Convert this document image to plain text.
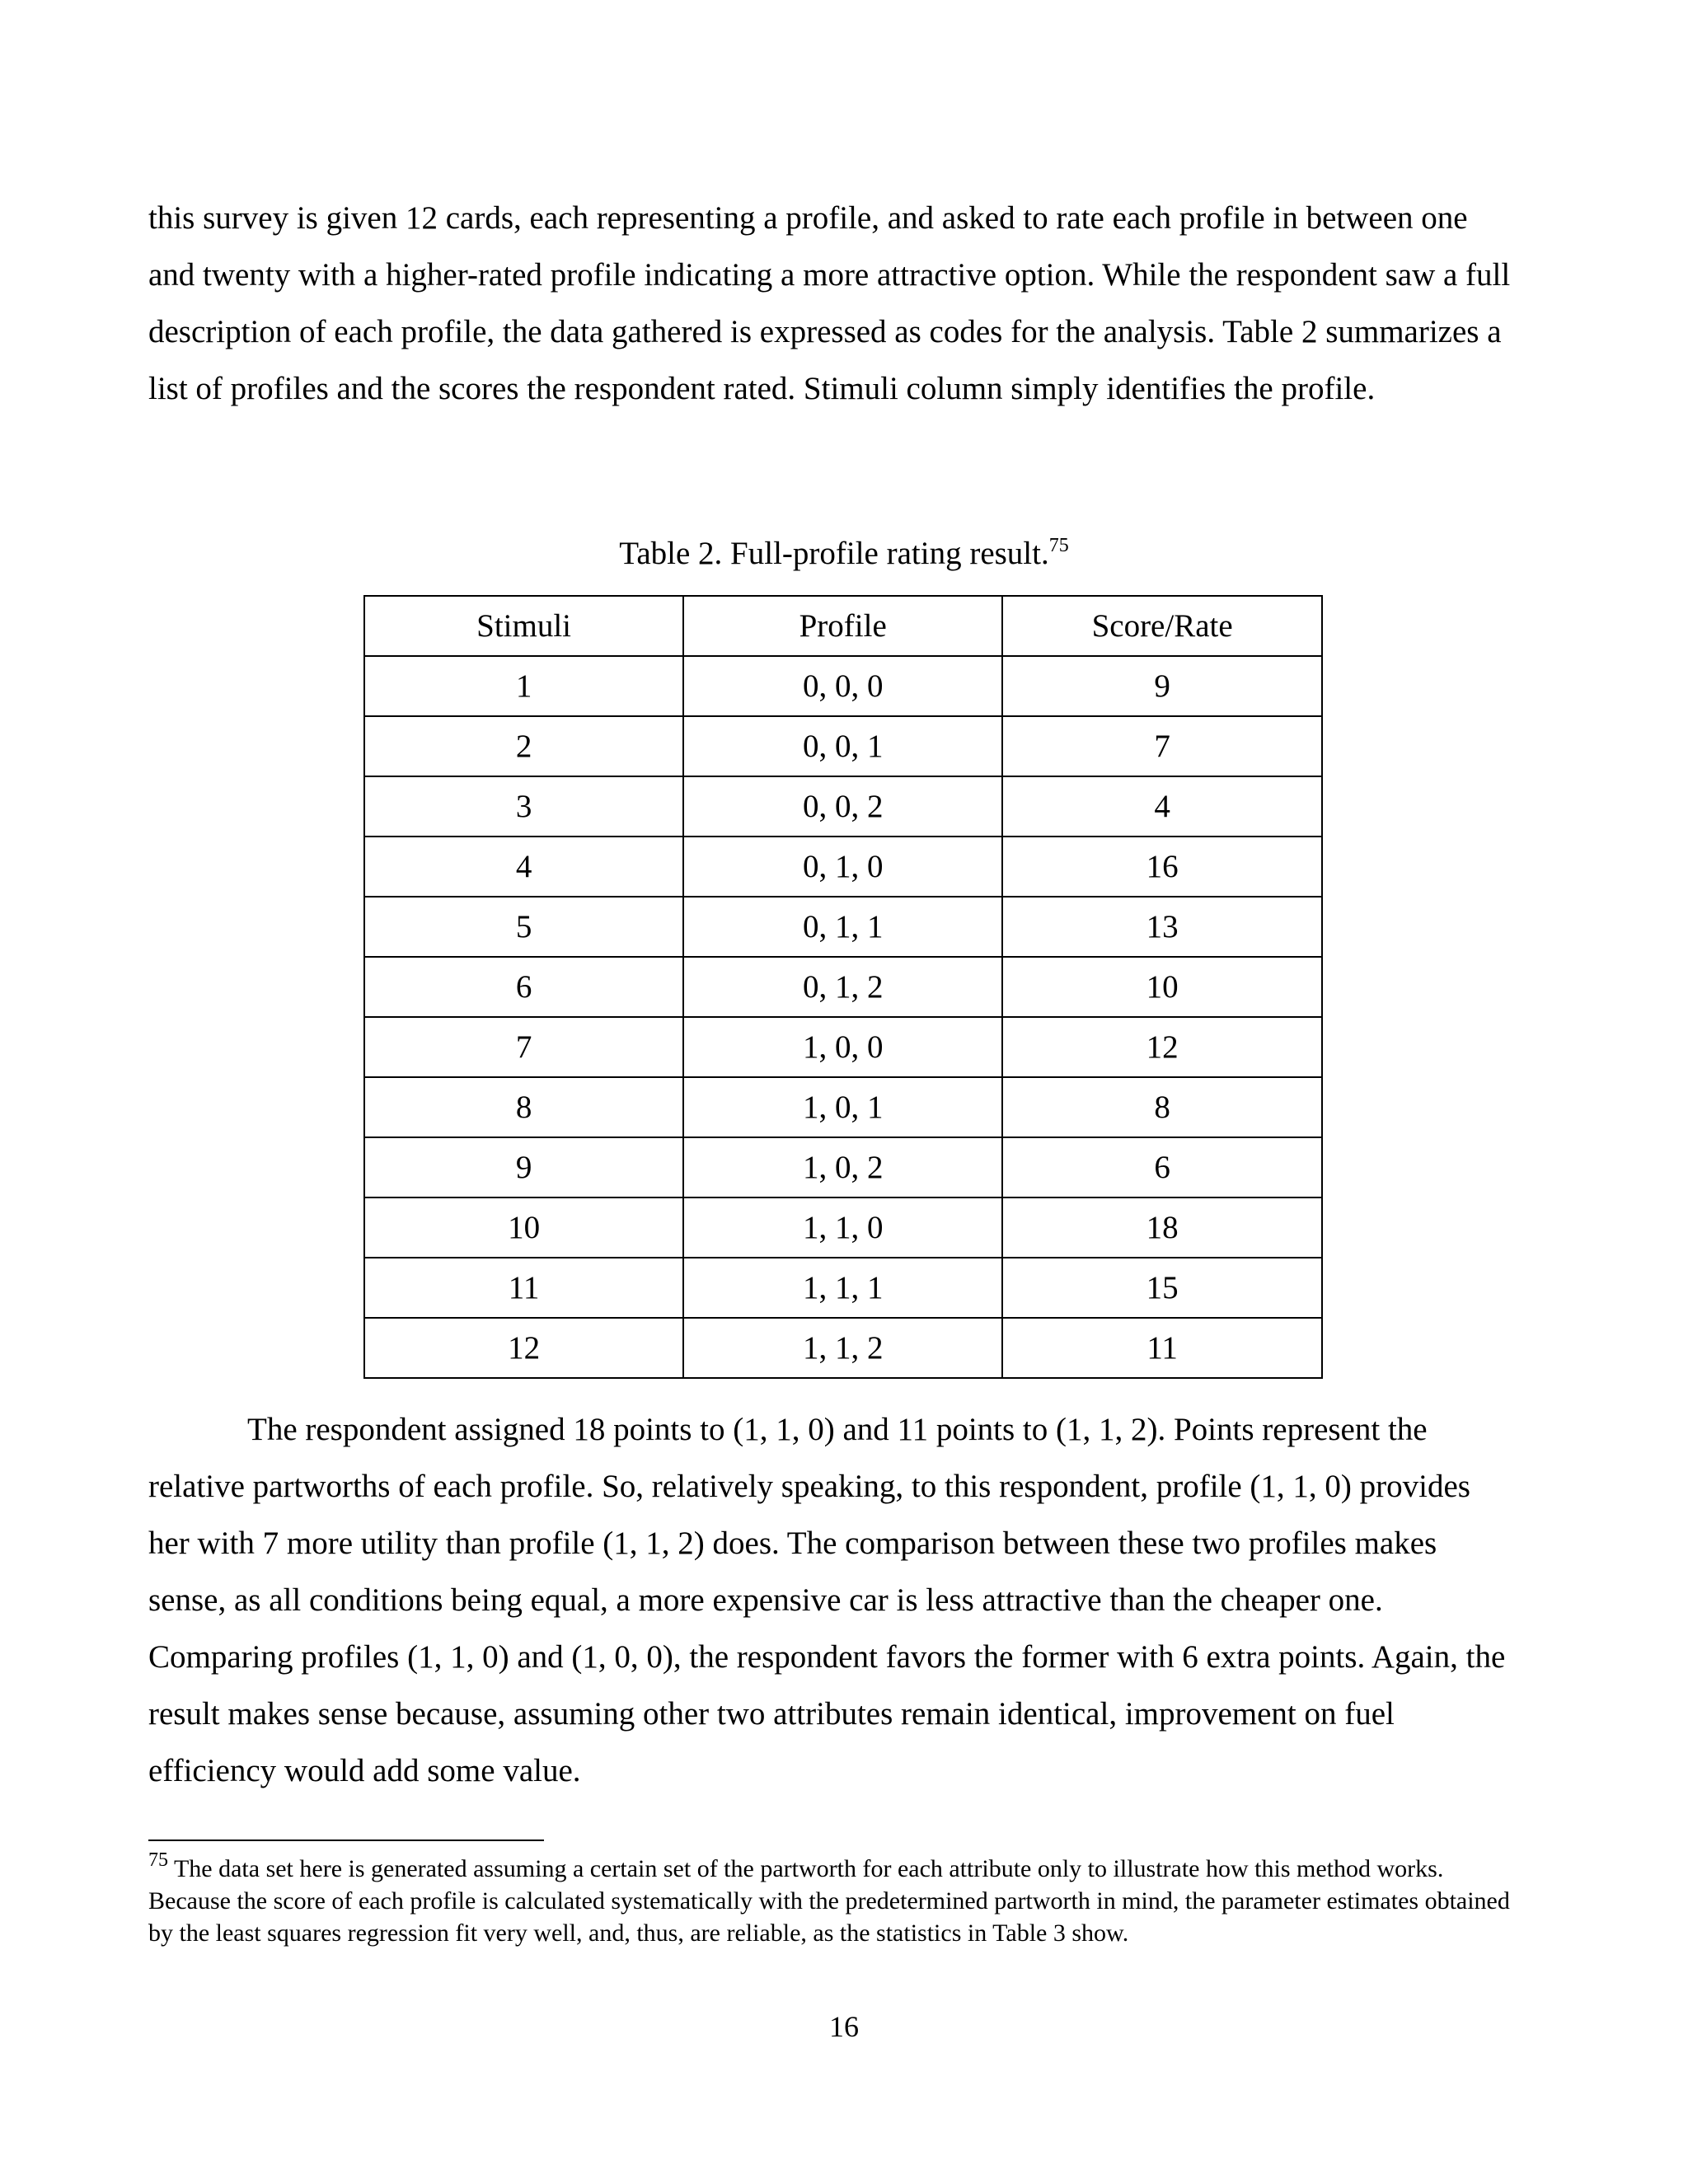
this survey is given 12 cards, each representing a profile, and asked to rate each profile in between one and twenty with a higher-rated profile indicating a more attractive option. While the respondent saw a full description of each profile, the data gathered is expressed as codes for the analysis. Table 2 summarizes a list of profiles and the scores the respondent rated. Stimuli column simply identifies the profile.

Table 2. Full-profile rating result.$^{75}$
Stimuli	Profile	Score/Rate
1	0, 0, 0	9
2	0, 0, 1	7
3	0, 0, 2	4
4	0, 1, 0	16
5	0, 1, 1	13
6	0, 1, 2	10
7	1, 0, 0	12
8	1, 0, 1	8
9	1, 0, 2	6
10	1, 1, 0	18
11	1, 1, 1	15
12	1, 1, 2	11

The respondent assigned 18 points to (1, 1, 0) and 11 points to (1, 1, 2). Points represent the relative partworths of each profile. So, relatively speaking, to this respondent, profile (1, 1, 0) provides her with 7 more utility than profile (1, 1, 2) does. The comparison between these two profiles makes sense, as all conditions being equal, a more expensive car is less attractive than the cheaper one. Comparing profiles (1, 1, 0) and (1, 0, 0), the respondent favors the former with 6 extra points. Again, the result makes sense because, assuming other two attributes remain identical, improvement on fuel efficiency would add some value.

$^{75}$ The data set here is generated assuming a certain set of the partworth for each attribute only to illustrate how this method works. Because the score of each profile is calculated systematically with the predetermined partworth in mind, the parameter estimates obtained by the least squares regression fit very well, and, thus, are reliable, as the statistics in Table 3 show.

16
